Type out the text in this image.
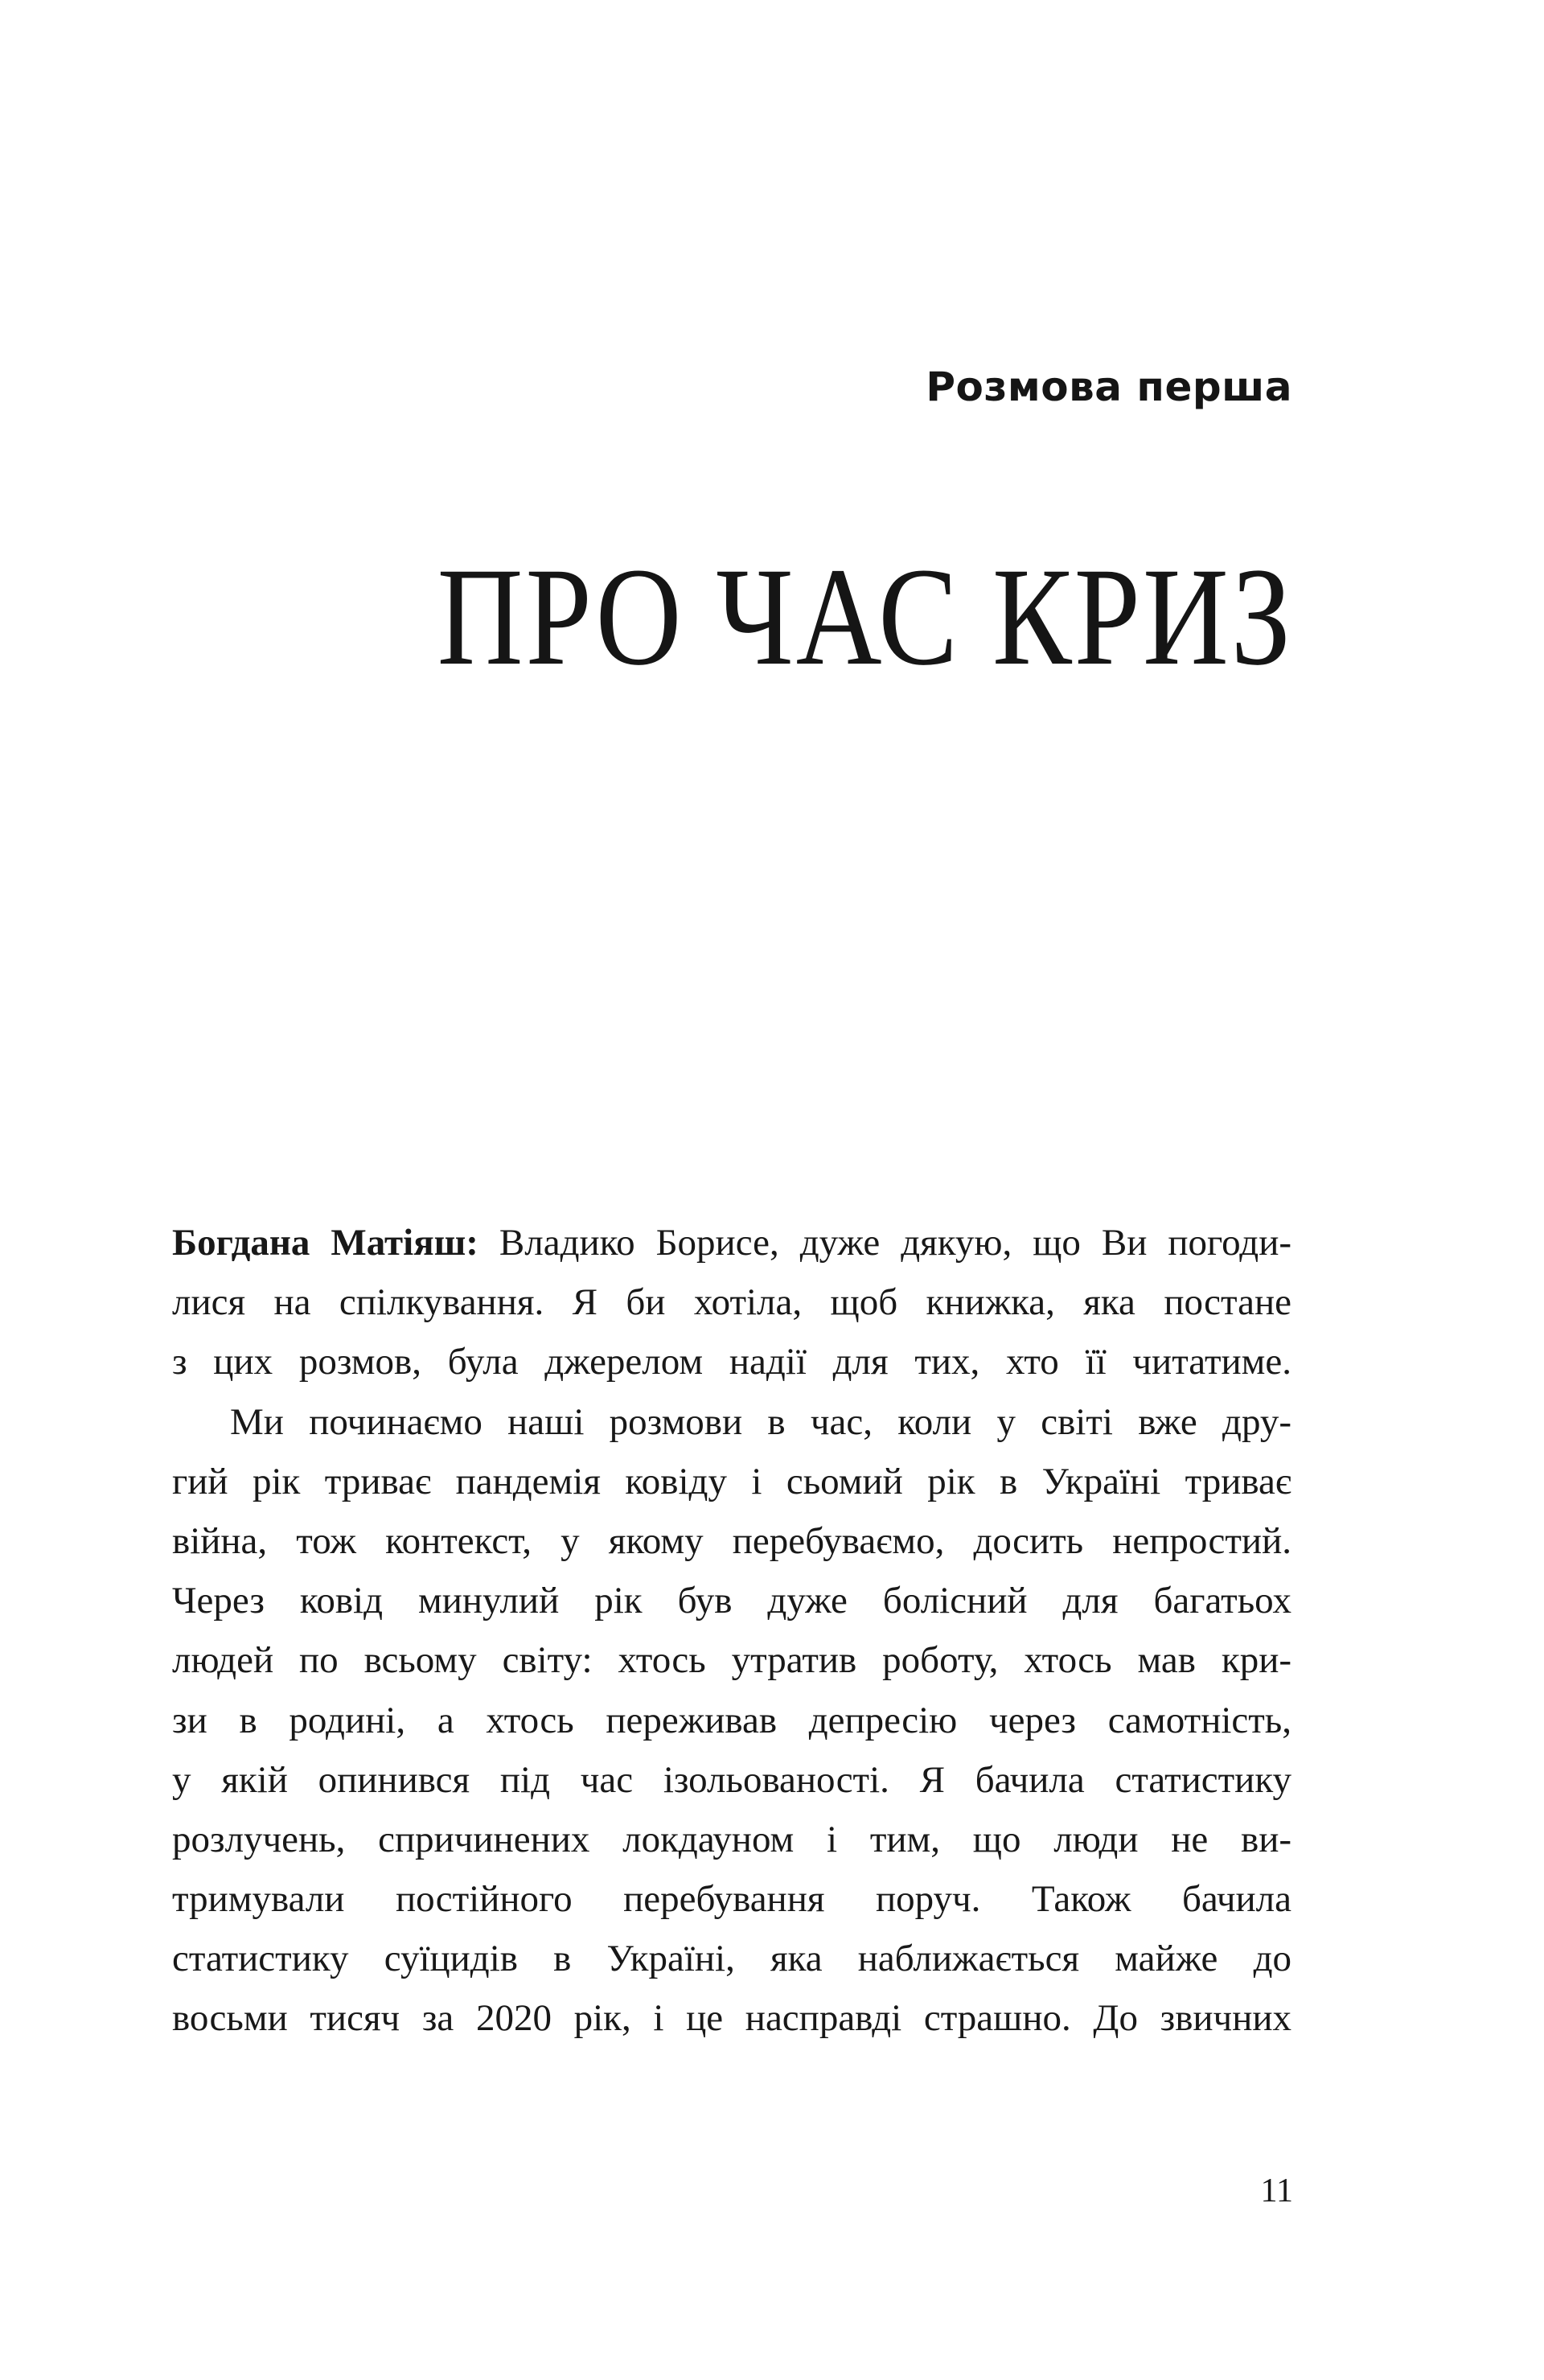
Розмова перша
ПРО ЧАС КРИЗ
Богдана Матіяш: Владико Борисе, дуже дякую, що Ви погоди-
лися на спілкування. Я би хотіла, щоб книжка, яка постане
з цих розмов, була джерелом надії для тих, хто її читатиме.
Ми починаємо наші розмови в час, коли у світі вже дру-
гий рік триває пандемія ковіду і сьомий рік в Україні триває
війна, тож контекст, у якому перебуваємо, досить непростий.
Через ковід минулий рік був дуже болісний для багатьох
людей по всьому світу: хтось утратив роботу, хтось мав кри-
зи в родині, а хтось переживав депресію через самотність,
у якій опинився під час ізольованості. Я бачила статистику
розлучень, спричинених локдауном і тим, що люди не ви-
тримували постійного перебування поруч. Також бачила
статистику суїцидів в Україні, яка наближається майже до
восьми тисяч за 2020 рік, і це насправді страшно. До звичних
11
